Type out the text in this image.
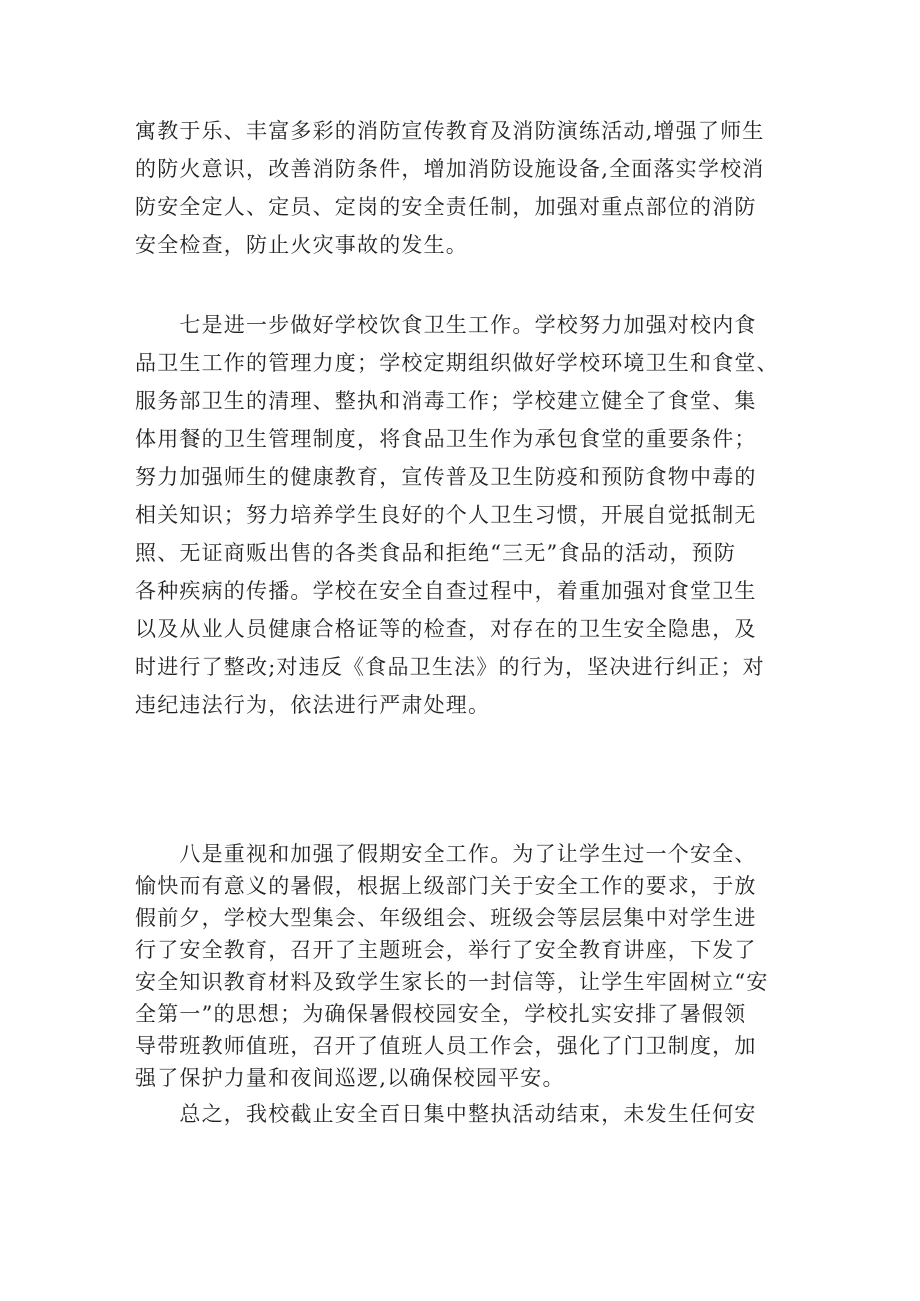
寓教于乐、丰富多彩的消防宣传教育及消防演练活动,增强了师生
的防火意识，改善消防条件，增加消防设施设备,全面落实学校消
防安全定人、定员、定岗的安全责任制，加强对重点部位的消防
安全检查，防止火灾事故的发生。
　　七是进一步做好学校饮食卫生工作。学校努力加强对校内食
品卫生工作的管理力度；学校定期组织做好学校环境卫生和食堂、
服务部卫生的清理、整执和消毒工作；学校建立健全了食堂、集
体用餐的卫生管理制度，将食品卫生作为承包食堂的重要条件；
努力加强师生的健康教育，宣传普及卫生防疫和预防食物中毒的
相关知识；努力培养学生良好的个人卫生习惯，开展自觉抵制无
照、无证商贩出售的各类食品和拒绝“三无”食品的活动，预防
各种疾病的传播。学校在安全自查过程中，着重加强对食堂卫生
以及从业人员健康合格证等的检查，对存在的卫生安全隐患，及
时进行了整改;对违反《食品卫生法》的行为，坚决进行纠正；对
违纪违法行为，依法进行严肃处理。
　　八是重视和加强了假期安全工作。为了让学生过一个安全、
愉快而有意义的暑假，根据上级部门关于安全工作的要求，于放
假前夕，学校大型集会、年级组会、班级会等层层集中对学生进
行了安全教育，召开了主题班会，举行了安全教育讲座，下发了
安全知识教育材料及致学生家长的一封信等，让学生牢固树立“安
全第一”的思想；为确保暑假校园安全，学校扎实安排了暑假领
导带班教师值班，召开了值班人员工作会，强化了门卫制度，加
强了保护力量和夜间巡逻,以确保校园平安。
　　总之，我校截止安全百日集中整执活动结束，未发生任何安
